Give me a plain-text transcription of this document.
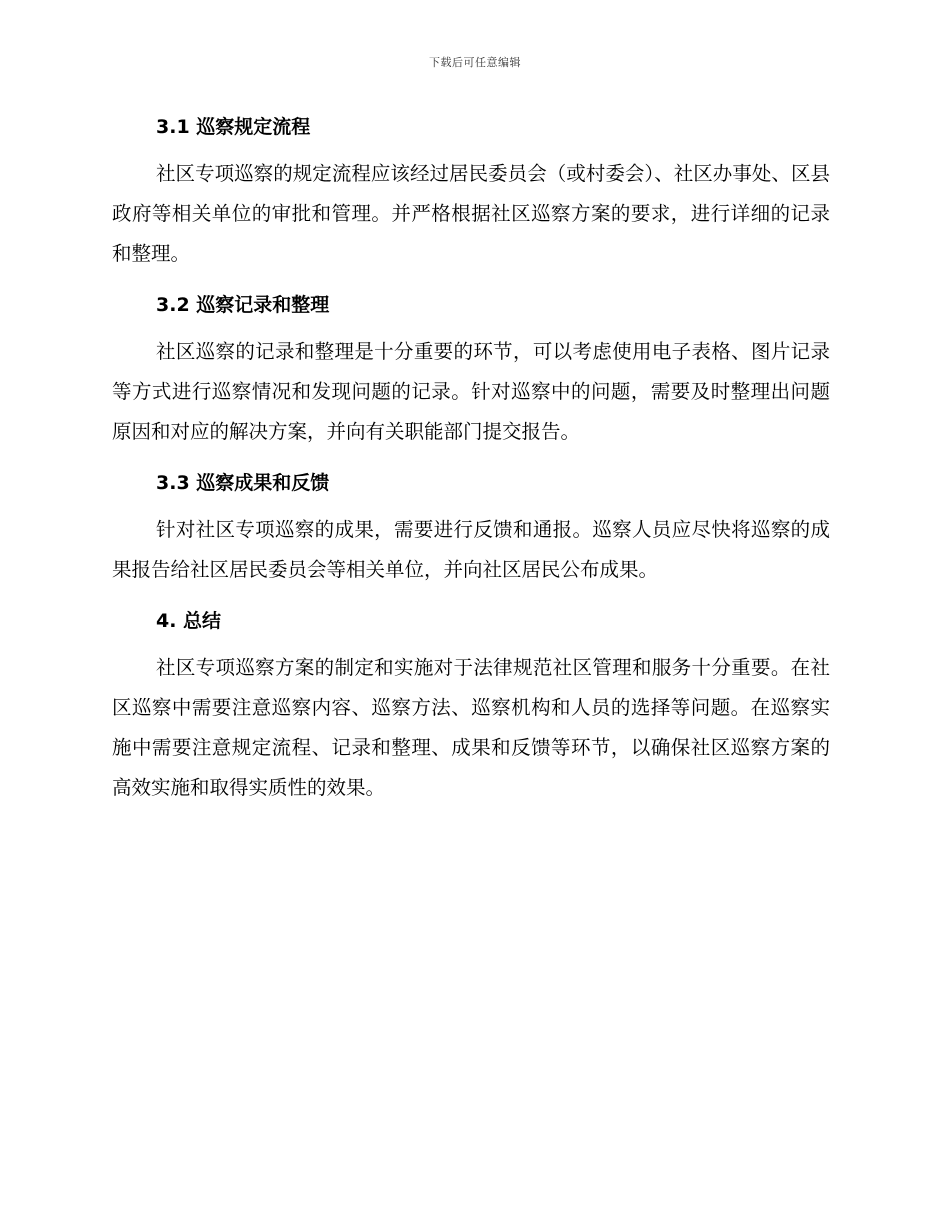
下载后可任意编辑
3.1 巡察规定流程

社区专项巡察的规定流程应该经过居民委员会（或村委会）、社区办事处、区县政府等相关单位的审批和管理。并严格根据社区巡察方案的要求，进行详细的记录和整理。

3.2 巡察记录和整理

社区巡察的记录和整理是十分重要的环节，可以考虑使用电子表格、图片记录等方式进行巡察情况和发现问题的记录。针对巡察中的问题，需要及时整理出问题原因和对应的解决方案，并向有关职能部门提交报告。

3.3 巡察成果和反馈

针对社区专项巡察的成果，需要进行反馈和通报。巡察人员应尽快将巡察的成果报告给社区居民委员会等相关单位，并向社区居民公布成果。

4. 总结

社区专项巡察方案的制定和实施对于法律规范社区管理和服务十分重要。在社区巡察中需要注意巡察内容、巡察方法、巡察机构和人员的选择等问题。在巡察实施中需要注意规定流程、记录和整理、成果和反馈等环节，以确保社区巡察方案的高效实施和取得实质性的效果。
